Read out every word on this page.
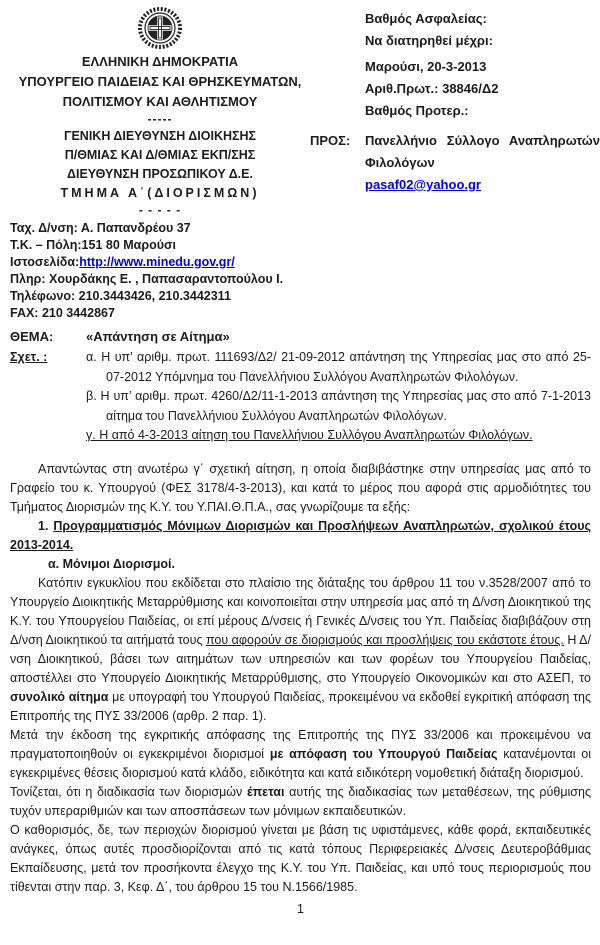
ΕΛΛΗΝΙΚΗ ΔΗΜΟΚΡΑΤΙΑ
ΥΠΟΥΡΓΕΙΟ ΠΑΙΔΕΙΑΣ ΚΑΙ ΘΡΗΣΚΕΥΜΑΤΩΝ,
ΠΟΛΙΤΙΣΜΟΥ ΚΑΙ ΑΘΛΗΤΙΣΜΟΥ
-----
ΓΕΝΙΚΗ ΔΙΕΥΘΥΝΣΗ ΔΙΟΙΚΗΣΗΣ
Π/ΘΜΙΑΣ ΚΑΙ Δ/ΘΜΙΑΣ ΕΚΠ/ΣΗΣ
ΔΙΕΥΘΥΝΣΗ ΠΡΟΣΩΠΙΚΟΥ Δ.Ε.
ΤΜΗΜΑ Α΄(ΔΙΟΡΙΣΜΩΝ)
- - - - -
Βαθμός Ασφαλείας:
Να διατηρηθεί μέχρι:
Μαρούσι, 20-3-2013
Αριθ.Πρωτ.: 38846/Δ2
Βαθμός Προτερ.:
ΠΡΟΣ:	Πανελλήνιο Σύλλογο Αναπληρωτών Φιλολόγων
pasaf02@yahoo.gr
Ταχ. Δ/νση: Α. Παπανδρέου 37
Τ.Κ. – Πόλη:151 80 Μαρούσι
Ιστοσελίδα:http://www.minedu.gov.gr/
Πληρ: Χουρδάκης Ε. , Παπασαραντοπούλου Ι.
Τηλέφωνο: 210.3443426, 210.3442311
FAX: 210 3442867
ΘΕΜΑ:	«Απάντηση σε Αίτημα»
Σχετ. :	α. Η υπ’ αριθμ. πρωτ. 111693/Δ2/ 21-09-2012 απάντηση της Υπηρεσίας μας στο από 25-07-2012 Υπόμνημα του Πανελλήνιου Συλλόγου Αναπληρωτών Φιλολόγων.
β. Η υπ’ αριθμ. πρωτ. 4260/Δ2/11-1-2013 απάντηση της Υπηρεσίας μας στο από 7-1-2013 αίτημα του Πανελλήνιου Συλλόγου Αναπληρωτών Φιλολόγων.
γ. Η από 4-3-2013 αίτηση του Πανελλήνιου Συλλόγου Αναπληρωτών Φιλολόγων.

Απαντώντας στη ανωτέρω γ΄ σχετική αίτηση, η οποία διαβιβάστηκε στην υπηρεσίας μας από το Γραφείο του κ. Υπουργού (ΦΕΣ 3178/4-3-2013), και κατά το μέρος που αφορά στις αρμοδιότητες του Τμήματος Διορισμών της Κ.Υ. του Υ.ΠΑΙ.Θ.Π.Α., σας γνωρίζουμε τα εξής:

1. Προγραμματισμός Μόνιμων Διορισμών και Προσλήψεων Αναπληρωτών, σχολικού έτους 2013-2014.

α. Μόνιμοι Διορισμοί.

Κατόπιν εγκυκλίου που εκδίδεται στο πλαίσιο της διάταξης του άρθρου 11 του ν.3528/2007 από το Υπουργείο Διοικητικής Μεταρρύθμισης και κοινοποιείται στην υπηρεσία μας από τη Δ/νση Διοικητικού της Κ.Υ. του Υπουργείου Παιδείας, οι επί μέρους Δ/νσεις ή Γενικές Δ/νσεις του Υπ. Παιδείας διαβιβάζουν στη Δ/νση Διοικητικού τα αιτήματά τους που αφορούν σε διορισμούς και προσλήψεις του εκάστοτε έτους. Η Δ/νση Διοικητικού, βάσει των αιτημάτων των υπηρεσιών και των φορέων του Υπουργείου Παιδείας, αποστέλλει στο Υπουργείο Διοικητικής Μεταρρύθμισης, στο Υπουργείο Οικονομικών και στο ΑΣΕΠ, το συνολικό αίτημα με υπογραφή του Υπουργού Παιδείας, προκειμένου να εκδοθεί εγκριτική απόφαση της Επιτροπής της ΠΥΣ 33/2006 (αρθρ. 2 παρ. 1).

Μετά την έκδοση της εγκριτικής απόφασης της Επιτροπής της ΠΥΣ 33/2006 και προκειμένου να πραγματοποιηθούν οι εγκεκριμένοι διορισμοί με απόφαση του Υπουργού Παιδείας κατανέμονται οι εγκεκριμένες θέσεις διορισμού κατά κλάδο, ειδικότητα και κατά ειδικότερη νομοθετική διάταξη διορισμού.

Τονίζεται, ότι η διαδικασία των διορισμών έπεται αυτής της διαδικασίας των μεταθέσεων, της ρύθμισης τυχόν υπεραριθμιών και των αποσπάσεων των μόνιμων εκπαιδευτικών.

Ο καθορισμός, δε, των περιοχών διορισμού γίνεται με βάση τις υφιστάμενες, κάθε φορά, εκπαιδευτικές ανάγκες, όπως αυτές προσδιορίζονται από τις κατά τόπους Περιφερειακές Δ/νσεις Δευτεροβάθμιας Εκπαίδευσης, μετά τον προσήκοντα έλεγχο της Κ.Υ. του Υπ. Παιδείας, και υπό τους περιορισμούς που τίθενται στην παρ. 3, Κεφ. Δ΄, του άρθρου 15 του Ν.1566/1985.

1
